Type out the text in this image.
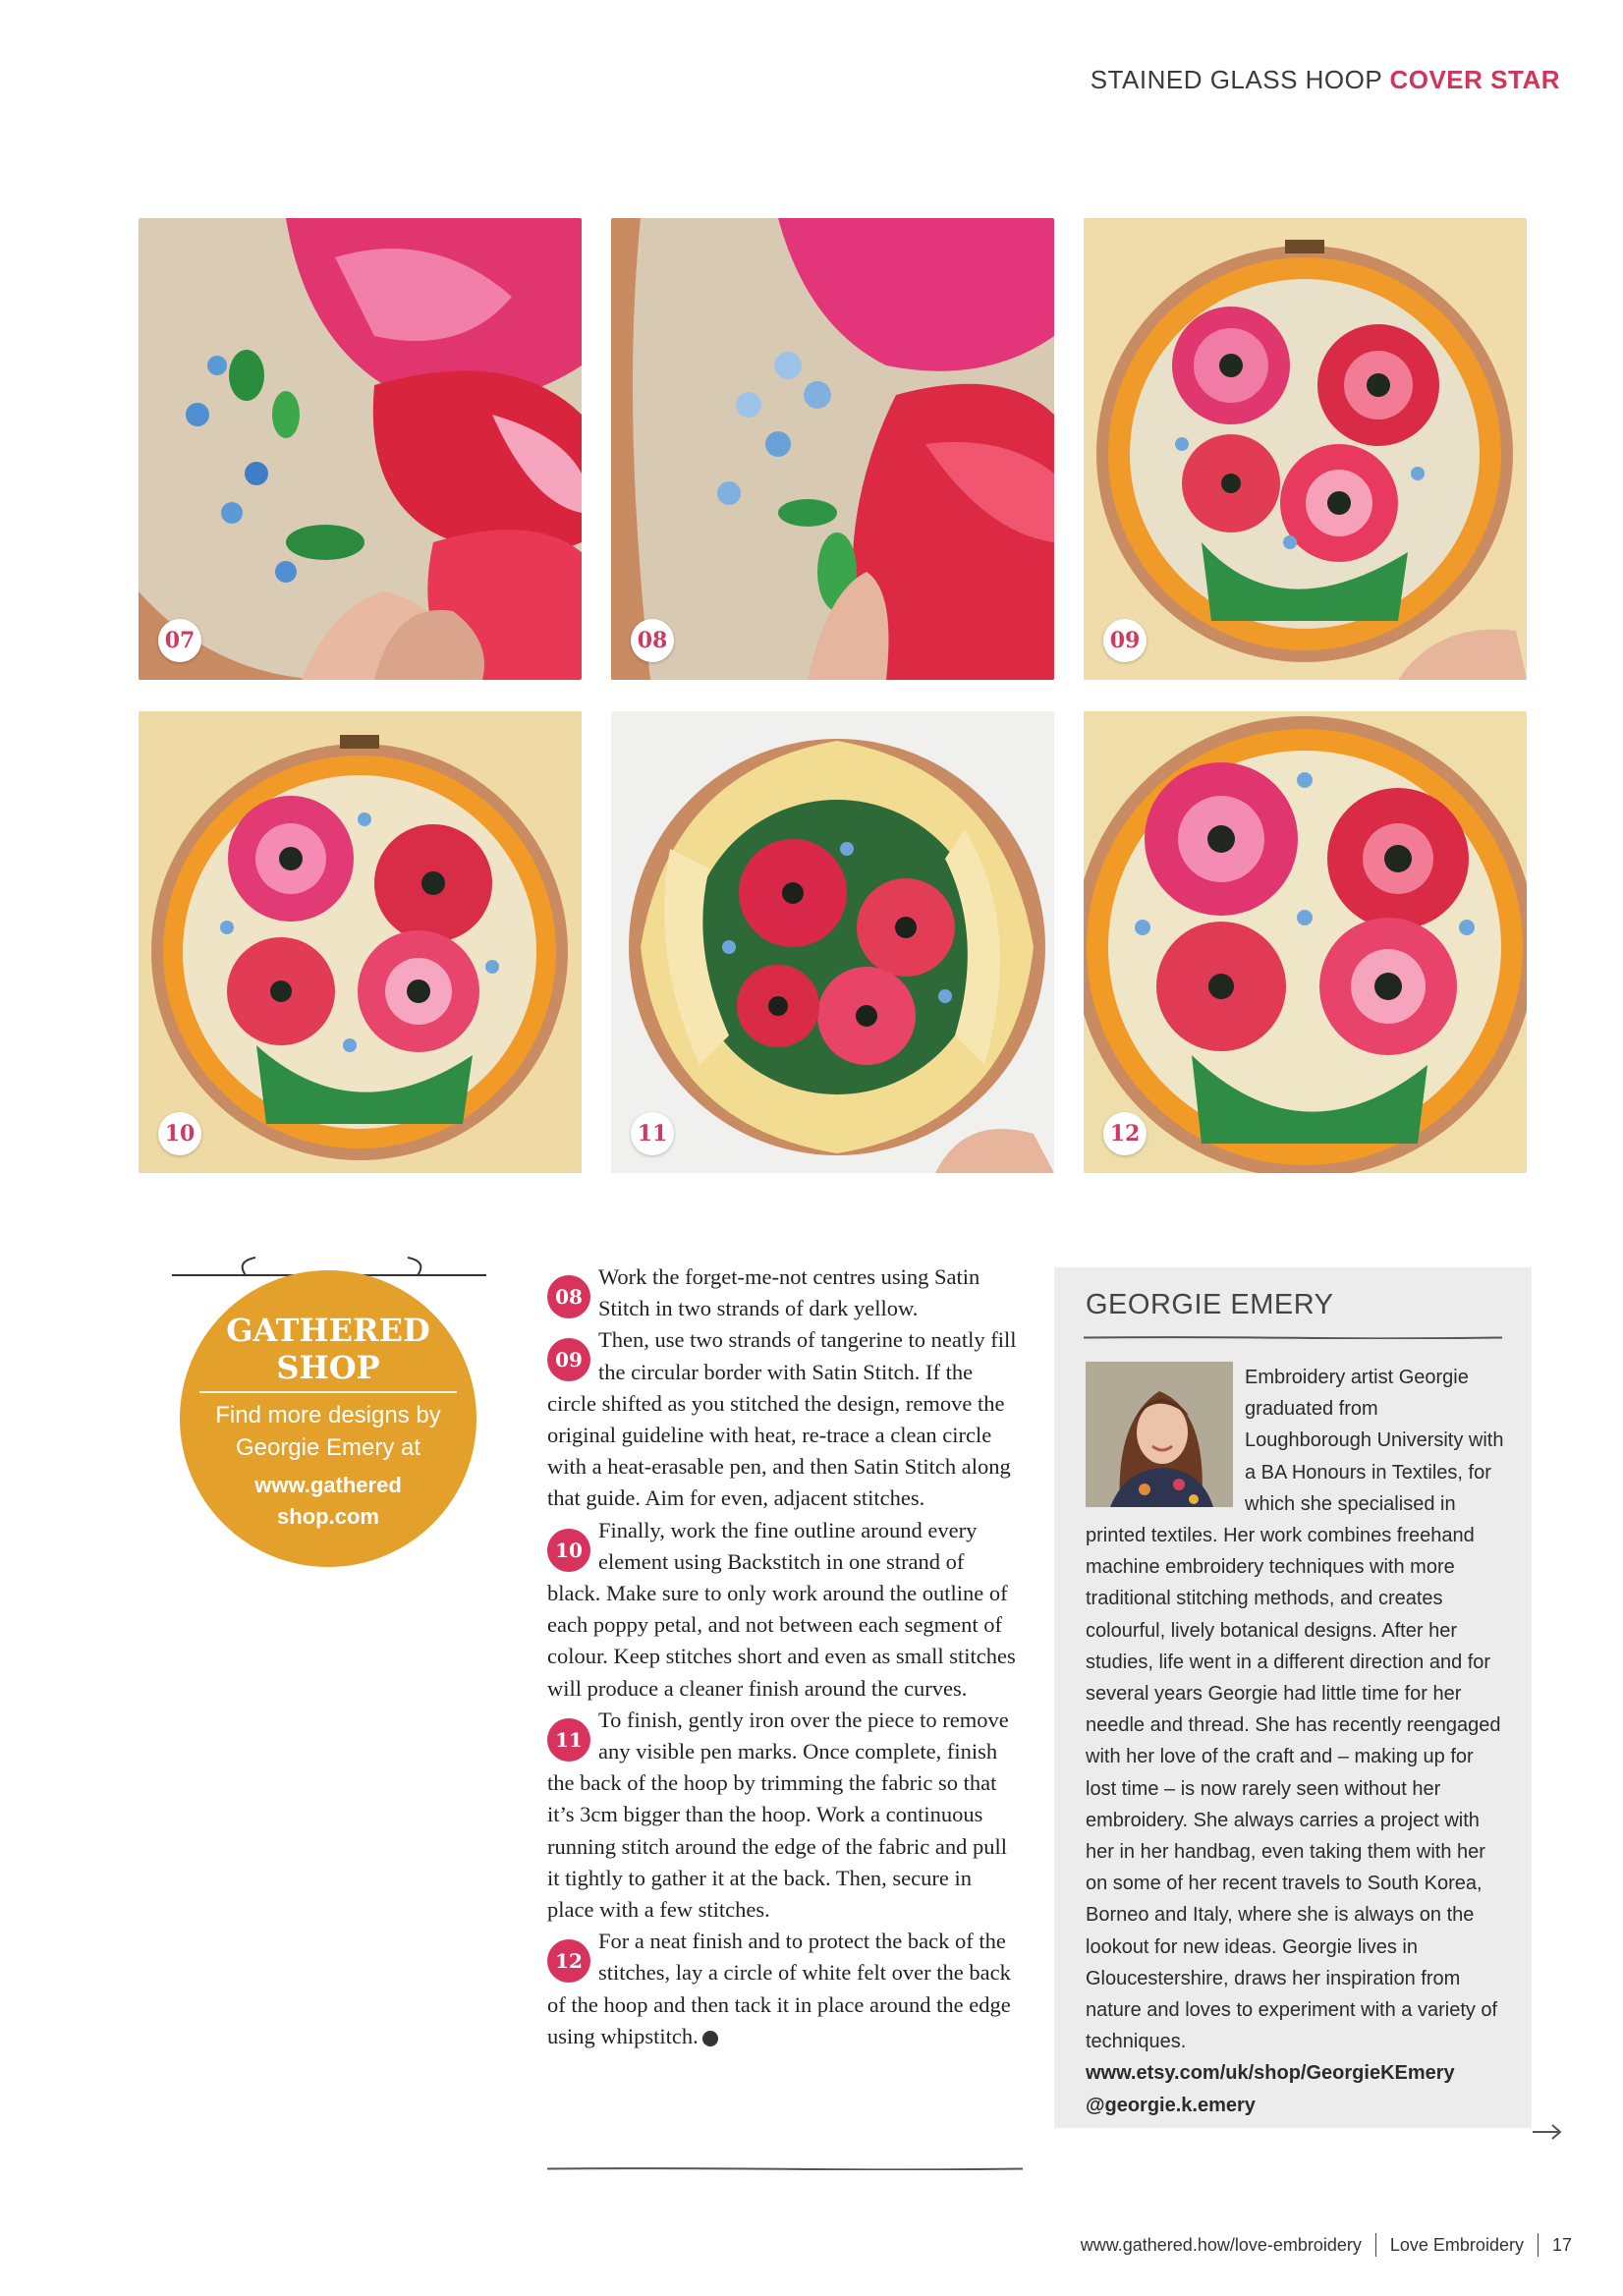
STAINED GLASS HOOP COVER STAR
07	08	09
10	11	12
GATHERED
SHOP
Find more designs by
Georgie Emery at
www.gathered
shop.com

08
Work the forget-me-not centres using Satin Stitch in two strands of dark yellow.

09
Then, use two strands of tangerine to neatly fill the circular border with Satin Stitch. If the circle shifted as you stitched the design, remove the original guideline with heat, re-trace a clean circle with a heat-erasable pen, and then Satin Stitch along that guide. Aim for even, adjacent stitches.

10
Finally, work the fine outline around every element using Backstitch in one strand of black. Make sure to only work around the outline of each poppy petal, and not between each segment of colour. Keep stitches short and even as small stitches will produce a cleaner finish around the curves.

11
To finish, gently iron over the piece to remove any visible pen marks. Once complete, finish the back of the hoop by trimming the fabric so that it’s 3cm bigger than the hoop. Work a continuous running stitch around the edge of the fabric and pull it tightly to gather it at the back. Then, secure in place with a few stitches.

12
For a neat finish and to protect the back of the stitches, lay a circle of white felt over the back of the hoop and then tack it in place around the edge using whipstitch.

GEORGIE EMERY
Embroidery artist Georgie graduated from Loughborough University with a BA Honours in Textiles, for which she specialised in printed textiles. Her work combines freehand machine embroidery techniques with more traditional stitching methods, and creates colourful, lively botanical designs. After her studies, life went in a different direction and for several years Georgie had little time for her needle and thread. She has recently reengaged with her love of the craft and – making up for lost time – is now rarely seen without her embroidery. She always carries a project with her in her handbag, even taking them with her on some of her recent travels to South Korea, Borneo and Italy, where she is always on the lookout for new ideas. Georgie lives in Gloucestershire, draws her inspiration from nature and loves to experiment with a variety of techniques.
www.etsy.com/uk/shop/GeorgieKEmery
@georgie.k.emery
www.gathered.how/love-embroidery Love Embroidery 17
